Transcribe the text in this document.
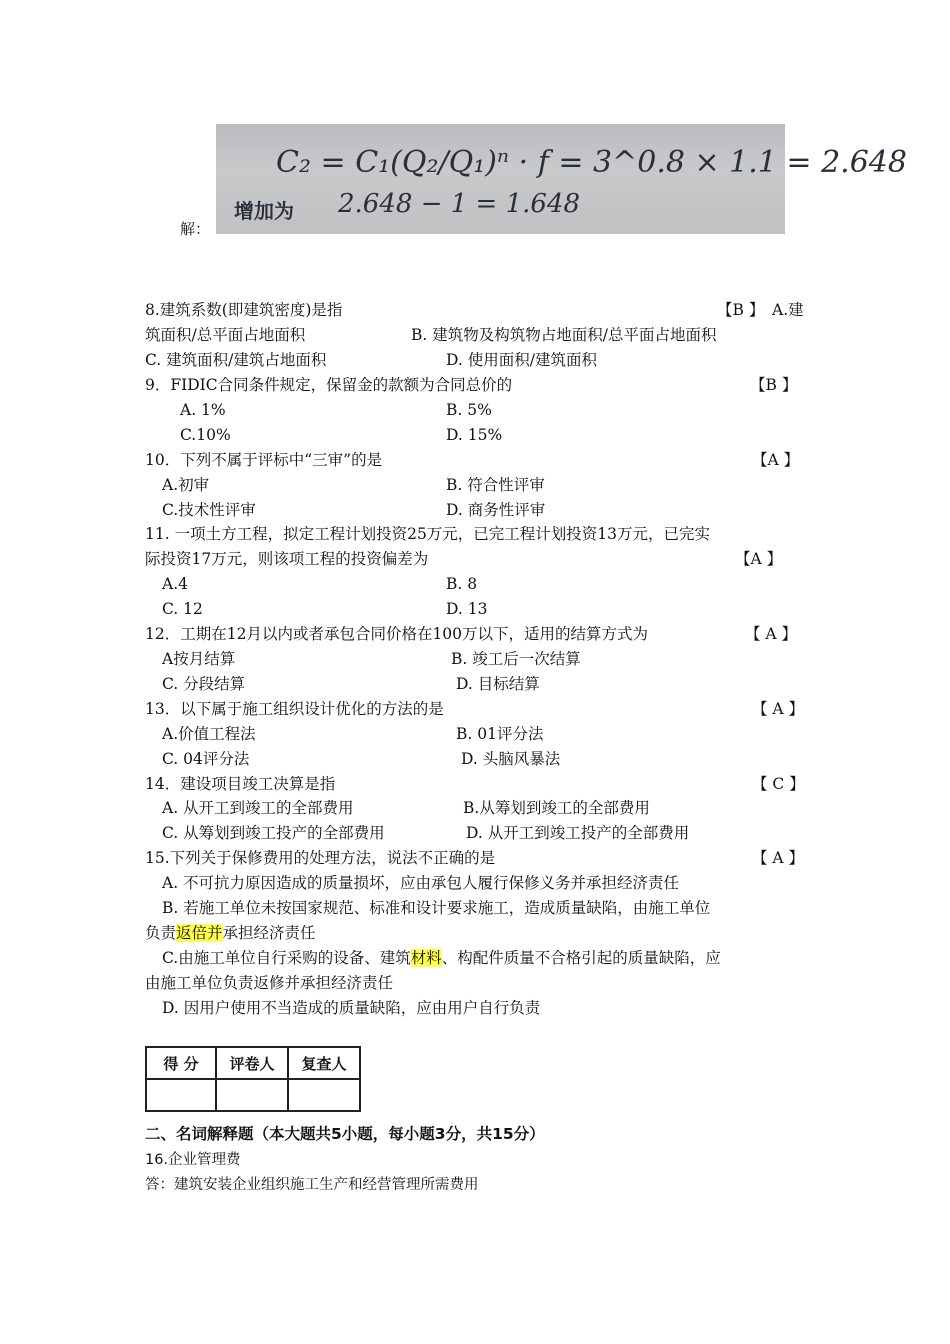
解：
C₂ = C₁(Q₂/Q₁)ⁿ · f = 3^0.8 × 1.1 = 2.648
增加为 2.648 − 1 = 1.648
8.建筑系数(即建筑密度)是指	【B 】 A.建
筑面积/总平面占地面积	B. 建筑物及构筑物占地面积/总平面占地面积
C. 建筑面积/建筑占地面积	D. 使用面积/建筑面积
9．FIDIC合同条件规定，保留金的款额为合同总价的	【B 】
A. 1%	B. 5%
C.10%	D. 15%
10．下列不属于评标中“三审”的是	【A 】
A.初审	B. 符合性评审
C.技术性评审	D. 商务性评审
11. 一项土方工程，拟定工程计划投资25万元，已完工程计划投资13万元，已完实
际投资17万元，则该项工程的投资偏差为	【A 】
A.4	B. 8
C. 12	D. 13
12．工期在12月以内或者承包合同价格在100万以下，适用的结算方式为	【 A 】
A按月结算	B. 竣工后一次结算
C. 分段结算	D. 目标结算
13．以下属于施工组织设计优化的方法的是	【 A 】
A.价值工程法	B. 01评分法
C. 04评分法	D. 头脑风暴法
14．建设项目竣工决算是指	【 C 】
A. 从开工到竣工的全部费用	B.从筹划到竣工的全部费用
C. 从筹划到竣工投产的全部费用	D. 从开工到竣工投产的全部费用
15.下列关于保修费用的处理方法，说法不正确的是	【 A 】
A. 不可抗力原因造成的质量损坏，应由承包人履行保修义务并承担经济责任
B. 若施工单位未按国家规范、标准和设计要求施工，造成质量缺陷，由施工单位
负责返倍并承担经济责任
C.由施工单位自行采购的设备、建筑材料、构配件质量不合格引起的质量缺陷，应
由施工单位负责返修并承担经济责任
D. 因用户使用不当造成的质量缺陷，应由用户自行负责
得 分	评卷人	复查人

二、名词解释题（本大题共5小题，每小题3分，共15分）
16.企业管理费
答：建筑安装企业组织施工生产和经营管理所需费用
